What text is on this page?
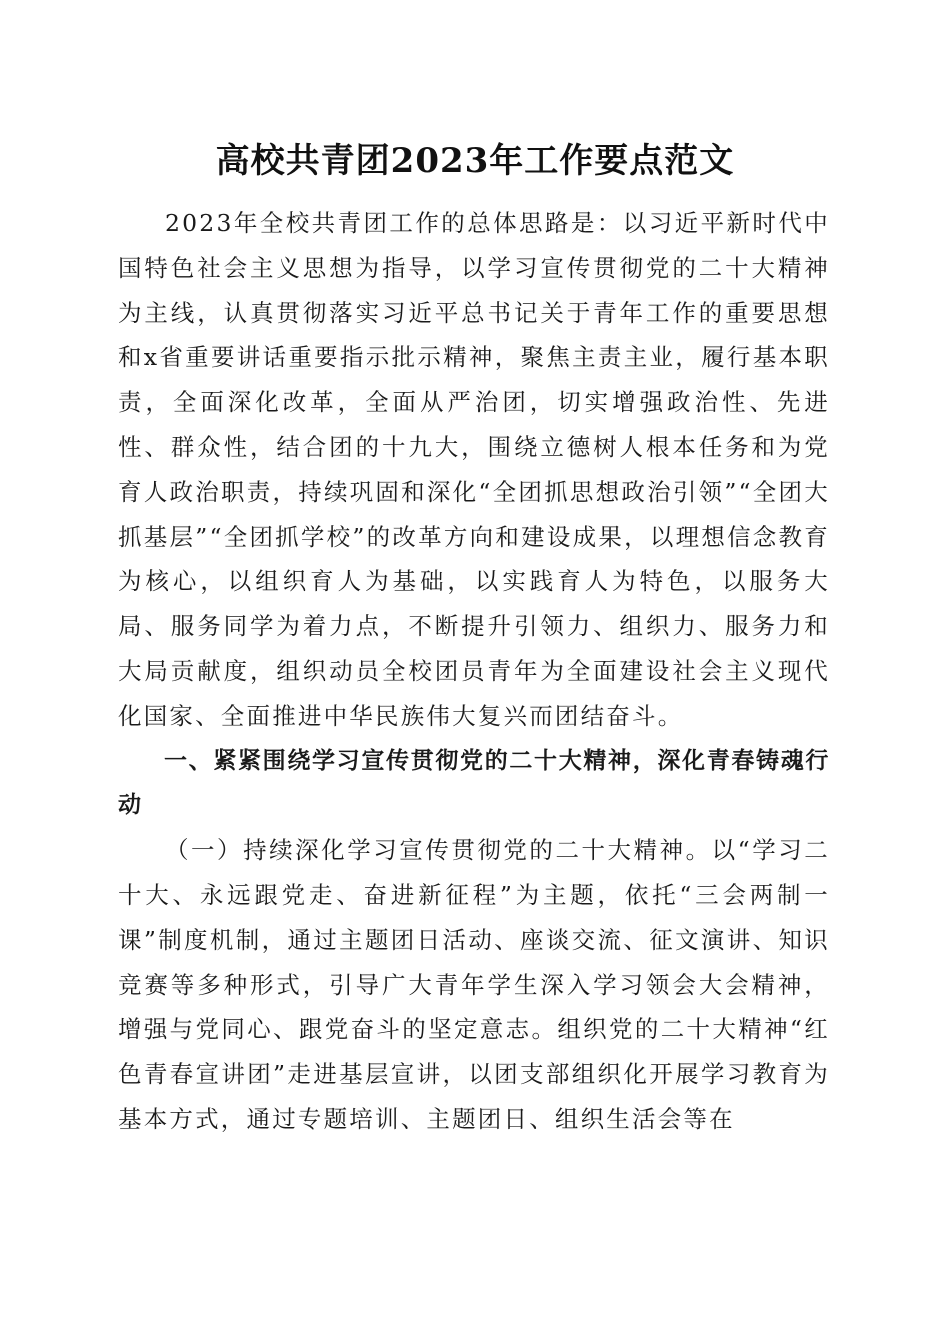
高校共青团2023年工作要点范文

2023年全校共青团工作的总体思路是：以习近平新时代中国特色社会主义思想为指导，以学习宣传贯彻党的二十大精神为主线，认真贯彻落实习近平总书记关于青年工作的重要思想和x省重要讲话重要指示批示精神，聚焦主责主业，履行基本职责，全面深化改革，全面从严治团，切实增强政治性、先进性、群众性，结合团的十九大，围绕立德树人根本任务和为党育人政治职责，持续巩固和深化“全团抓思想政治引领”“全团大抓基层”“全团抓学校”的改革方向和建设成果，以理想信念教育为核心，以组织育人为基础，以实践育人为特色，以服务大局、服务同学为着力点，不断提升引领力、组织力、服务力和大局贡献度，组织动员全校团员青年为全面建设社会主义现代化国家、全面推进中华民族伟大复兴而团结奋斗。

一、紧紧围绕学习宣传贯彻党的二十大精神，深化青春铸魂行动

（一）持续深化学习宣传贯彻党的二十大精神。以“学习二十大、永远跟党走、奋进新征程”为主题，依托“三会两制一课”制度机制，通过主题团日活动、座谈交流、征文演讲、知识竞赛等多种形式，引导广大青年学生深入学习领会大会精神，增强与党同心、跟党奋斗的坚定意志。组织党的二十大精神“红色青春宣讲团”走进基层宣讲，以团支部组织化开展学习教育为基本方式，通过专题培训、主题团日、组织生活会等在
